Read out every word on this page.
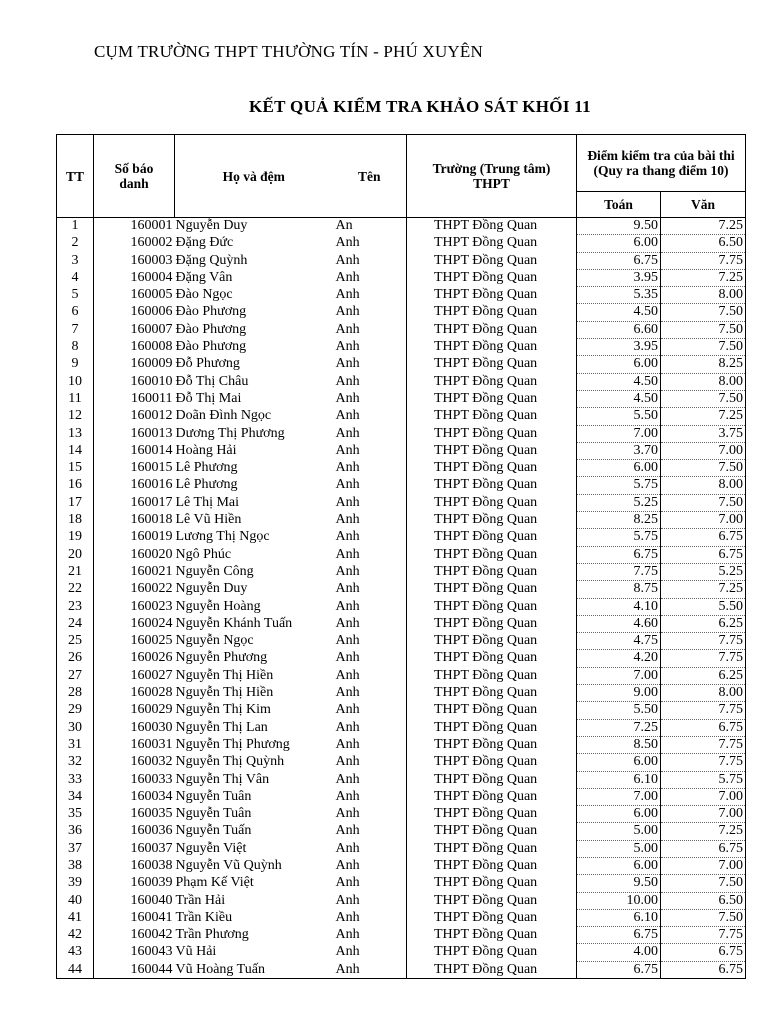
CỤM TRƯỜNG THPT THƯỜNG TÍN - PHÚ XUYÊN
KẾT QUẢ KIỂM TRA KHẢO SÁT KHỐI 11
TT	Số báo danh	Họ và đệm	Tên	Trường (Trung tâm) THPT	Điểm kiểm tra của bài thi (Quy ra thang điểm 10)	
					Toán	Văn
1	160001	Nguyễn Duy	An	THPT Đồng Quan	9.50	7.25
2	160002	Đặng Đức	Anh	THPT Đồng Quan	6.00	6.50
3	160003	Đặng Quỳnh	Anh	THPT Đồng Quan	6.75	7.75
4	160004	Đặng Vân	Anh	THPT Đồng Quan	3.95	7.25
5	160005	Đào Ngọc	Anh	THPT Đồng Quan	5.35	8.00
6	160006	Đào Phương	Anh	THPT Đồng Quan	4.50	7.50
7	160007	Đào Phương	Anh	THPT Đồng Quan	6.60	7.50
8	160008	Đào Phương	Anh	THPT Đồng Quan	3.95	7.50
9	160009	Đỗ Phương	Anh	THPT Đồng Quan	6.00	8.25
10	160010	Đỗ Thị Châu	Anh	THPT Đồng Quan	4.50	8.00
11	160011	Đỗ Thị Mai	Anh	THPT Đồng Quan	4.50	7.50
12	160012	Doãn Đình Ngọc	Anh	THPT Đồng Quan	5.50	7.25
13	160013	Dương Thị Phương	Anh	THPT Đồng Quan	7.00	3.75
14	160014	Hoàng Hải	Anh	THPT Đồng Quan	3.70	7.00
15	160015	Lê Phương	Anh	THPT Đồng Quan	6.00	7.50
16	160016	Lê Phương	Anh	THPT Đồng Quan	5.75	8.00
17	160017	Lê Thị Mai	Anh	THPT Đồng Quan	5.25	7.50
18	160018	Lê Vũ Hiền	Anh	THPT Đồng Quan	8.25	7.00
19	160019	Lương Thị Ngọc	Anh	THPT Đồng Quan	5.75	6.75
20	160020	Ngô Phúc	Anh	THPT Đồng Quan	6.75	6.75
21	160021	Nguyễn Công	Anh	THPT Đồng Quan	7.75	5.25
22	160022	Nguyễn Duy	Anh	THPT Đồng Quan	8.75	7.25
23	160023	Nguyễn Hoàng	Anh	THPT Đồng Quan	4.10	5.50
24	160024	Nguyễn Khánh Tuấn	Anh	THPT Đồng Quan	4.60	6.25
25	160025	Nguyễn Ngọc	Anh	THPT Đồng Quan	4.75	7.75
26	160026	Nguyễn Phương	Anh	THPT Đồng Quan	4.20	7.75
27	160027	Nguyễn Thị Hiền	Anh	THPT Đồng Quan	7.00	6.25
28	160028	Nguyễn Thị Hiền	Anh	THPT Đồng Quan	9.00	8.00
29	160029	Nguyễn Thị Kim	Anh	THPT Đồng Quan	5.50	7.75
30	160030	Nguyễn Thị Lan	Anh	THPT Đồng Quan	7.25	6.75
31	160031	Nguyễn Thị Phương	Anh	THPT Đồng Quan	8.50	7.75
32	160032	Nguyễn Thị Quỳnh	Anh	THPT Đồng Quan	6.00	7.75
33	160033	Nguyễn Thị Vân	Anh	THPT Đồng Quan	6.10	5.75
34	160034	Nguyễn Tuân	Anh	THPT Đồng Quan	7.00	7.00
35	160035	Nguyễn Tuân	Anh	THPT Đồng Quan	6.00	7.00
36	160036	Nguyễn Tuấn	Anh	THPT Đồng Quan	5.00	7.25
37	160037	Nguyễn Việt	Anh	THPT Đồng Quan	5.00	6.75
38	160038	Nguyễn Vũ Quỳnh	Anh	THPT Đồng Quan	6.00	7.00
39	160039	Phạm Kế Việt	Anh	THPT Đồng Quan	9.50	7.50
40	160040	Trần Hải	Anh	THPT Đồng Quan	10.00	6.50
41	160041	Trần Kiều	Anh	THPT Đồng Quan	6.10	7.50
42	160042	Trần Phương	Anh	THPT Đồng Quan	6.75	7.75
43	160043	Vũ Hải	Anh	THPT Đồng Quan	4.00	6.75
44	160044	Vũ Hoàng Tuấn	Anh	THPT Đồng Quan	6.75	6.75
